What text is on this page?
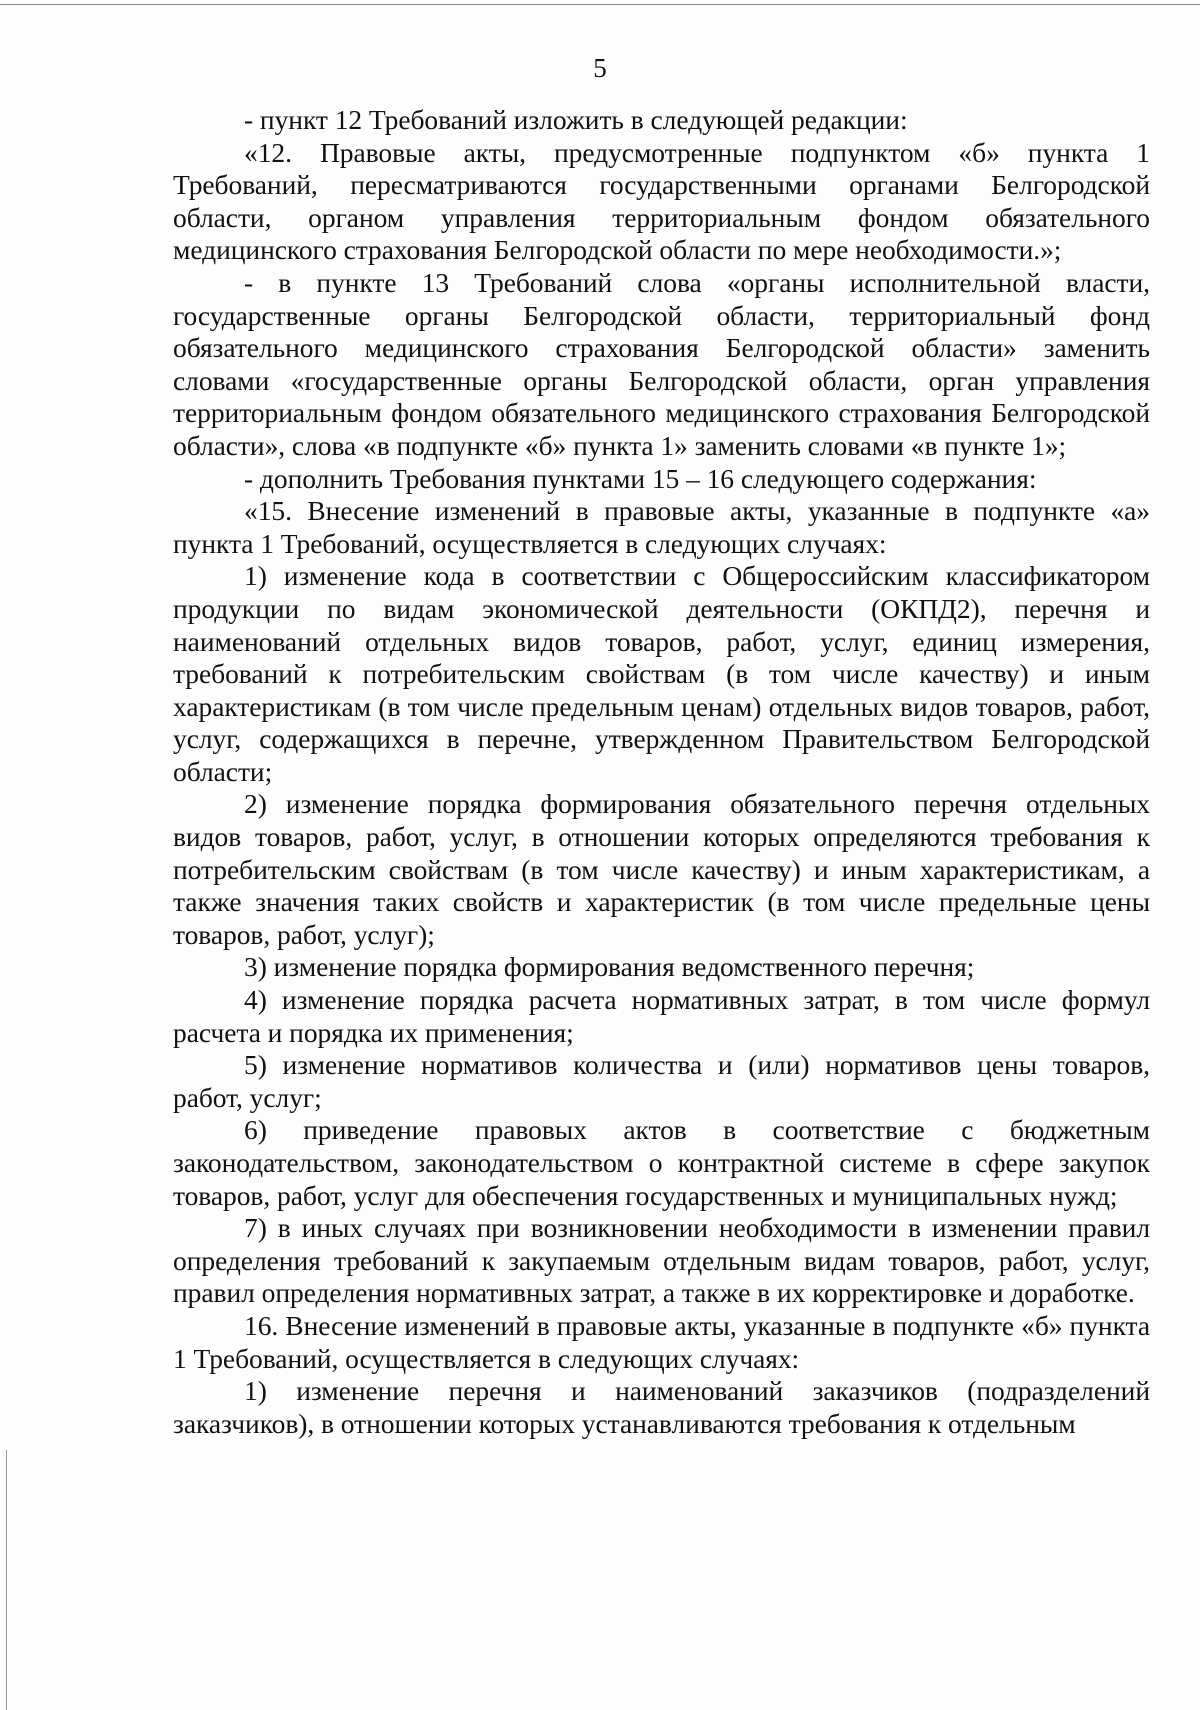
5

- пункт 12 Требований изложить в следующей редакции:

«12. Правовые акты, предусмотренные подпунктом «б» пункта 1 Требований, пересматриваются государственными органами Белгородской области, органом управления территориальным фондом обязательного медицинского страхования Белгородской области по мере необходимости.»;

- в пункте 13 Требований слова «органы исполнительной власти, государственные органы Белгородской области, территориальный фонд обязательного медицинского страхования Белгородской области» заменить словами «государственные органы Белгородской области, орган управления территориальным фондом обязательного медицинского страхования Белгородской области», слова «в подпункте «б» пункта 1» заменить словами «в пункте 1»;

- дополнить Требования пунктами 15 – 16 следующего содержания:

«15. Внесение изменений в правовые акты, указанные в подпункте «а» пункта 1 Требований, осуществляется в следующих случаях:

1) изменение кода в соответствии с Общероссийским классификатором продукции по видам экономической деятельности (ОКПД2), перечня и наименований отдельных видов товаров, работ, услуг, единиц измерения, требований к потребительским свойствам (в том числе качеству) и иным характеристикам (в том числе предельным ценам) отдельных видов товаров, работ, услуг, содержащихся в перечне, утвержденном Правительством Белгородской области;

2) изменение порядка формирования обязательного перечня отдельных видов товаров, работ, услуг, в отношении которых определяются требования к потребительским свойствам (в том числе качеству) и иным характеристикам, а также значения таких свойств и характеристик (в том числе предельные цены товаров, работ, услуг);

3) изменение порядка формирования ведомственного перечня;

4) изменение порядка расчета нормативных затрат, в том числе формул расчета и порядка их применения;

5) изменение нормативов количества и (или) нормативов цены товаров, работ, услуг;

6) приведение правовых актов в соответствие с бюджетным законодательством, законодательством о контрактной системе в сфере закупок товаров, работ, услуг для обеспечения государственных и муниципальных нужд;

7) в иных случаях при возникновении необходимости в изменении правил определения требований к закупаемым отдельным видам товаров, работ, услуг, правил определения нормативных затрат, а также в их корректировке и доработке.

16. Внесение изменений в правовые акты, указанные в подпункте «б» пункта 1 Требований, осуществляется в следующих случаях:

1) изменение перечня и наименований заказчиков (подразделений заказчиков), в отношении которых устанавливаются требования к отдельным
